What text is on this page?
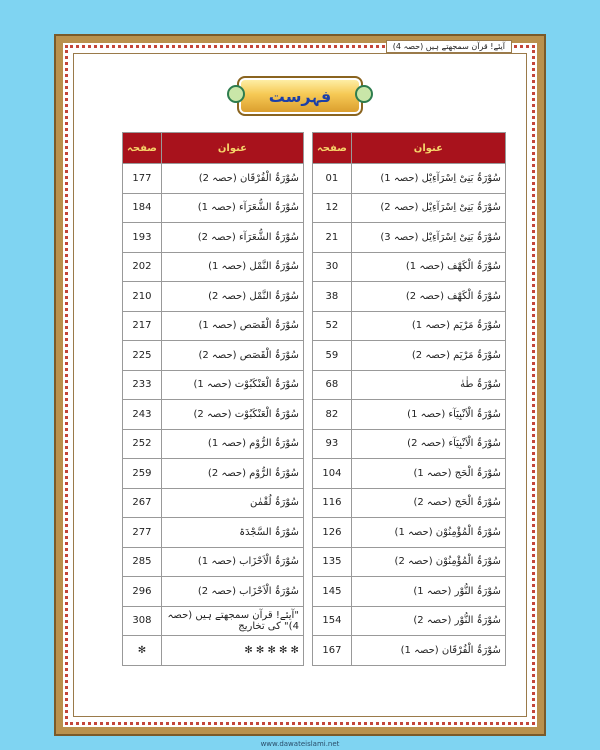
آیئے! قرآن سمجھتے ہیں (حصہ 4)
فہرست
صفحہ	عنوان
177	سُوْرَۃُ الْفُرْقَان (حصہ 2)
184	سُوْرَۃُ الشُّعَرَآء (حصہ 1)
193	سُوْرَۃُ الشُّعَرَآء (حصہ 2)
202	سُوْرَۃُ النَّمْل (حصہ 1)
210	سُوْرَۃُ النَّمْل (حصہ 2)
217	سُوْرَۃُ الْقَصَص (حصہ 1)
225	سُوْرَۃُ الْقَصَص (حصہ 2)
233	سُوْرَۃُ الْعَنْکَبُوْت (حصہ 1)
243	سُوْرَۃُ الْعَنْکَبُوْت (حصہ 2)
252	سُوْرَۃُ الرُّوْم (حصہ 1)
259	سُوْرَۃُ الرُّوْم (حصہ 2)
267	سُوْرَۃُ لُقْمٰن
277	سُوْرَۃُ السَّجْدَۃ
285	سُوْرَۃُ الْاَحْزَاب (حصہ 1)
296	سُوْرَۃُ الْاَحْزَاب (حصہ 2)
308	"آیئے! قرآن سمجھتے ہیں (حصہ 4)" کی تخاریج
✻	✻ ✻ ✻ ✻ ✻
صفحہ	عنوان
01	سُوْرَۃُ بَنِیْ اِسْرَآءِیْل (حصہ 1)
12	سُوْرَۃُ بَنِیْ اِسْرَآءِیْل (حصہ 2)
21	سُوْرَۃُ بَنِیْ اِسْرَآءِیْل (حصہ 3)
30	سُوْرَۃُ الْکَھْف (حصہ 1)
38	سُوْرَۃُ الْکَھْف (حصہ 2)
52	سُوْرَۃُ مَرْیَم (حصہ 1)
59	سُوْرَۃُ مَرْیَم (حصہ 2)
68	سُوْرَۃُ طٰهٰ
82	سُوْرَۃُ الْاَنْبِیَآء (حصہ 1)
93	سُوْرَۃُ الْاَنْبِیَآء (حصہ 2)
104	سُوْرَۃُ الْحَج (حصہ 1)
116	سُوْرَۃُ الْحَج (حصہ 2)
126	سُوْرَۃُ الْمُؤْمِنُوْن (حصہ 1)
135	سُوْرَۃُ الْمُؤْمِنُوْن (حصہ 2)
145	سُوْرَۃُ النُّوْر (حصہ 1)
154	سُوْرَۃُ النُّوْر (حصہ 2)
167	سُوْرَۃُ الْفُرْقَان (حصہ 1)
www.dawateislami.net
